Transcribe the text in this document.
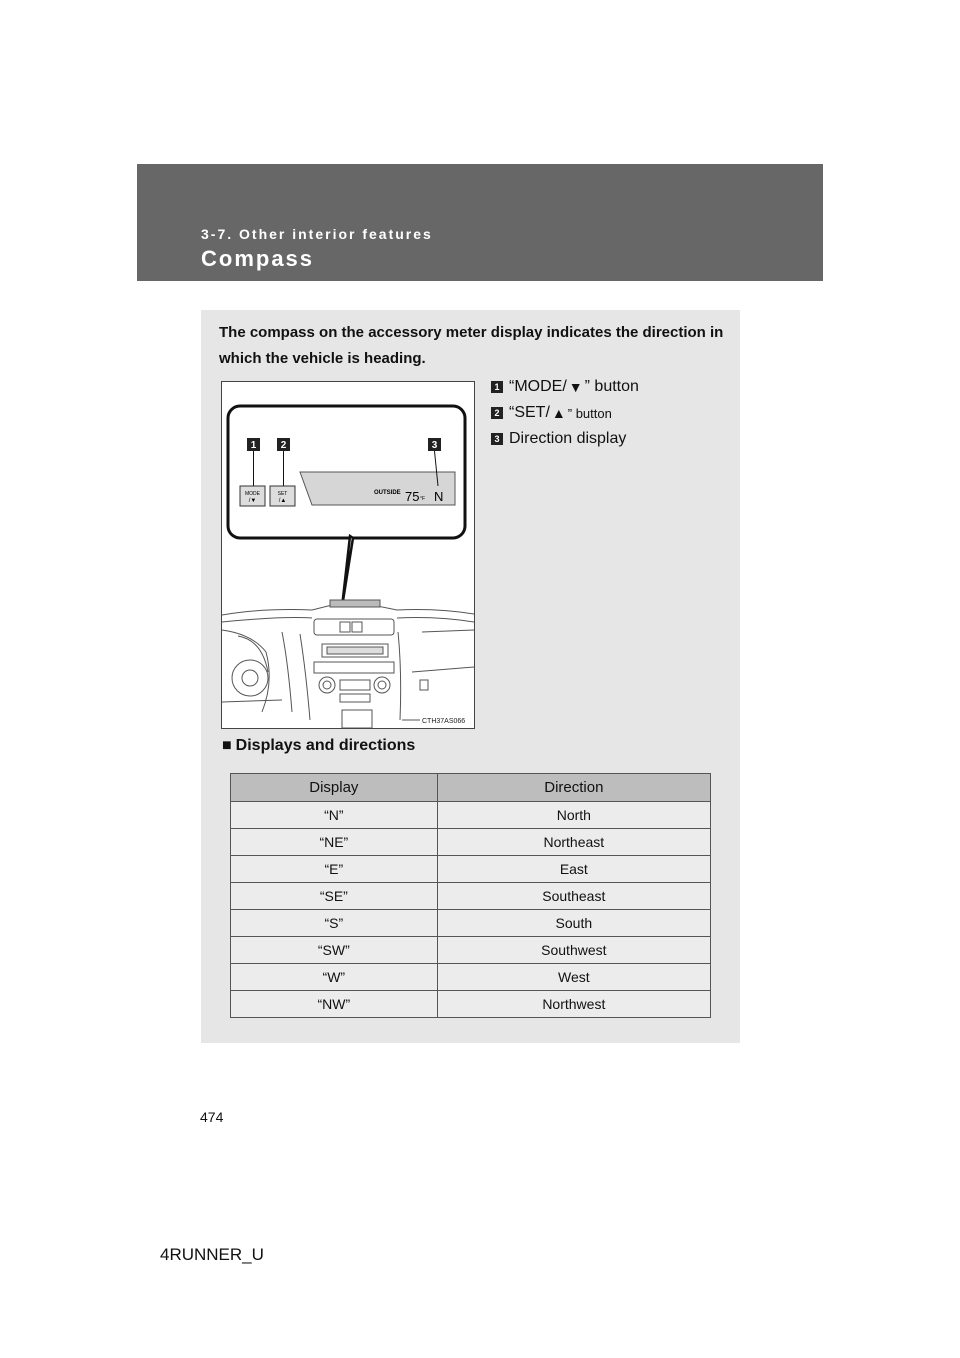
3-7. Other interior features
Compass
The compass on the accessory meter display indicates the direction in which the vehicle is heading.
MODE
/▼
SET
/▲
OUTSIDE 75 °F N
1 2	3
CTH37AS066
1 “MODE/ ▼ ” button
2 “SET/ ▲ ” button
3 Direction display
■ Displays and directions
Display	Direction
“N”	North
“NE”	Northeast
“E”	East
“SE”	Southeast
“S”	South
“SW”	Southwest
“W”	West
“NW”	Northwest
474
4RUNNER_U
